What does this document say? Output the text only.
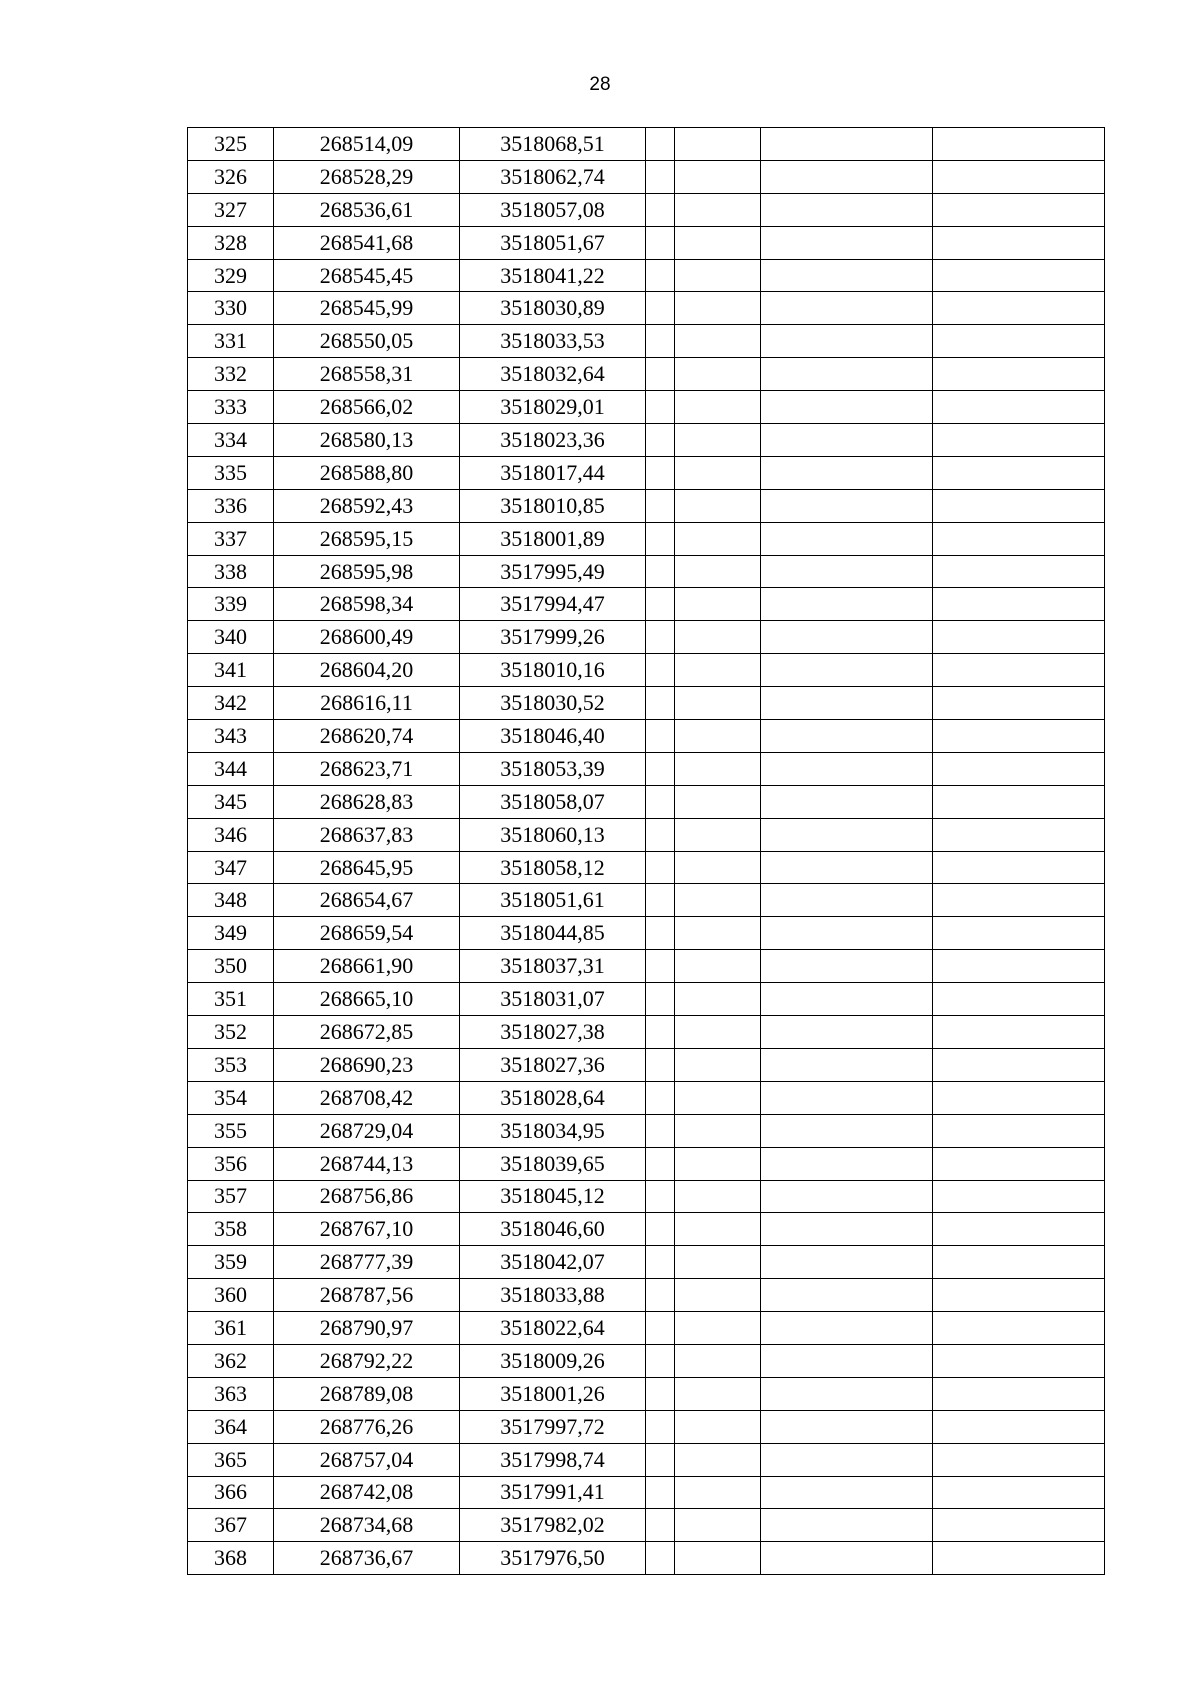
28
325	268514,09	3518068,51				
326	268528,29	3518062,74				
327	268536,61	3518057,08				
328	268541,68	3518051,67				
329	268545,45	3518041,22				
330	268545,99	3518030,89				
331	268550,05	3518033,53				
332	268558,31	3518032,64				
333	268566,02	3518029,01				
334	268580,13	3518023,36				
335	268588,80	3518017,44				
336	268592,43	3518010,85				
337	268595,15	3518001,89				
338	268595,98	3517995,49				
339	268598,34	3517994,47				
340	268600,49	3517999,26				
341	268604,20	3518010,16				
342	268616,11	3518030,52				
343	268620,74	3518046,40				
344	268623,71	3518053,39				
345	268628,83	3518058,07				
346	268637,83	3518060,13				
347	268645,95	3518058,12				
348	268654,67	3518051,61				
349	268659,54	3518044,85				
350	268661,90	3518037,31				
351	268665,10	3518031,07				
352	268672,85	3518027,38				
353	268690,23	3518027,36				
354	268708,42	3518028,64				
355	268729,04	3518034,95				
356	268744,13	3518039,65				
357	268756,86	3518045,12				
358	268767,10	3518046,60				
359	268777,39	3518042,07				
360	268787,56	3518033,88				
361	268790,97	3518022,64				
362	268792,22	3518009,26				
363	268789,08	3518001,26				
364	268776,26	3517997,72				
365	268757,04	3517998,74				
366	268742,08	3517991,41				
367	268734,68	3517982,02				
368	268736,67	3517976,50				
